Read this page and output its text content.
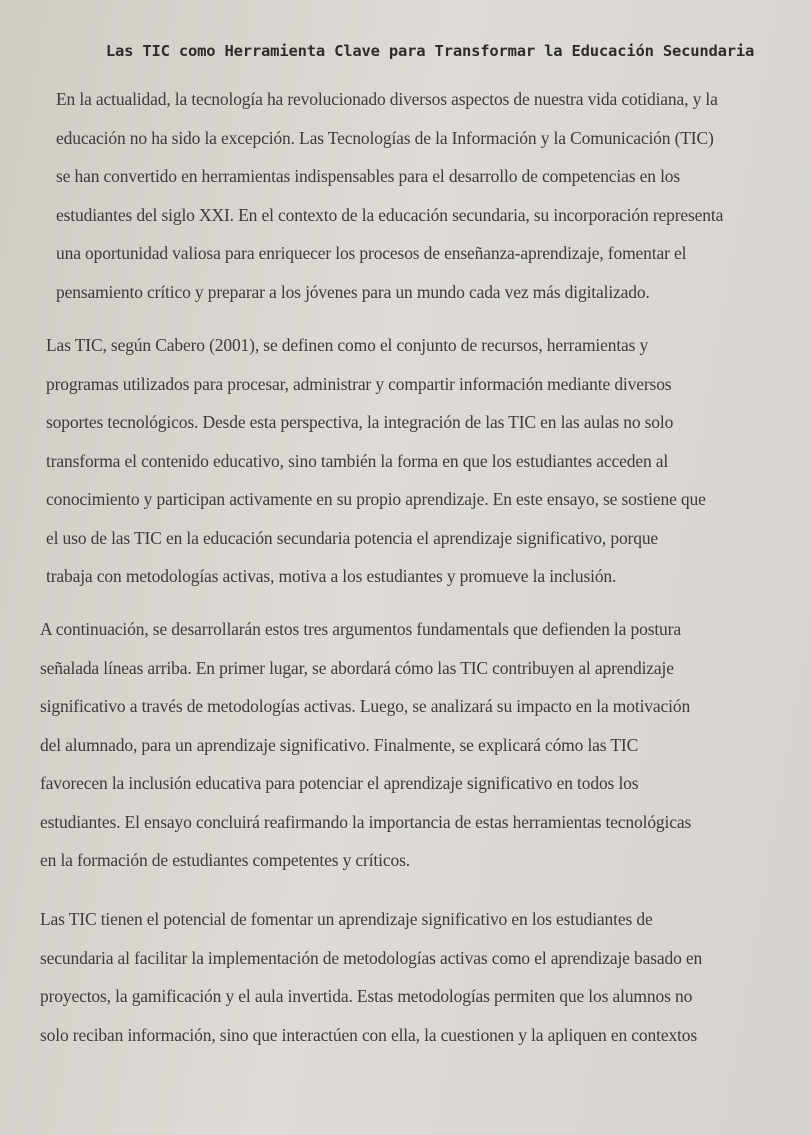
Las TIC como Herramienta Clave para Transformar la Educación Secundaria
En la actualidad, la tecnología ha revolucionado diversos aspectos de nuestra vida cotidiana, y la
educación no ha sido la excepción. Las Tecnologías de la Información y la Comunicación (TIC)
se han convertido en herramientas indispensables para el desarrollo de competencias en los
estudiantes del siglo XXI. En el contexto de la educación secundaria, su incorporación representa
una oportunidad valiosa para enriquecer los procesos de enseñanza-aprendizaje, fomentar el
pensamiento crítico y preparar a los jóvenes para un mundo cada vez más digitalizado.
Las TIC, según Cabero (2001), se definen como el conjunto de recursos, herramientas y
programas utilizados para procesar, administrar y compartir información mediante diversos
soportes tecnológicos. Desde esta perspectiva, la integración de las TIC en las aulas no solo
transforma el contenido educativo, sino también la forma en que los estudiantes acceden al
conocimiento y participan activamente en su propio aprendizaje. En este ensayo, se sostiene que
el uso de las TIC en la educación secundaria potencia el aprendizaje significativo, porque
trabaja con metodologías activas, motiva a los estudiantes y promueve la inclusión.
A continuación, se desarrollarán estos tres argumentos fundamentals que defienden la postura
señalada líneas arriba. En primer lugar, se abordará cómo las TIC contribuyen al aprendizaje
significativo a través de metodologías activas. Luego, se analizará su impacto en la motivación
del alumnado, para un aprendizaje significativo. Finalmente, se explicará cómo las TIC
favorecen la inclusión educativa para potenciar el aprendizaje significativo en todos los
estudiantes. El ensayo concluirá reafirmando la importancia de estas herramientas tecnológicas
en la formación de estudiantes competentes y críticos.
Las TIC tienen el potencial de fomentar un aprendizaje significativo en los estudiantes de
secundaria al facilitar la implementación de metodologías activas como el aprendizaje basado en
proyectos, la gamificación y el aula invertida. Estas metodologías permiten que los alumnos no
solo reciban información, sino que interactúen con ella, la cuestionen y la apliquen en contextos
